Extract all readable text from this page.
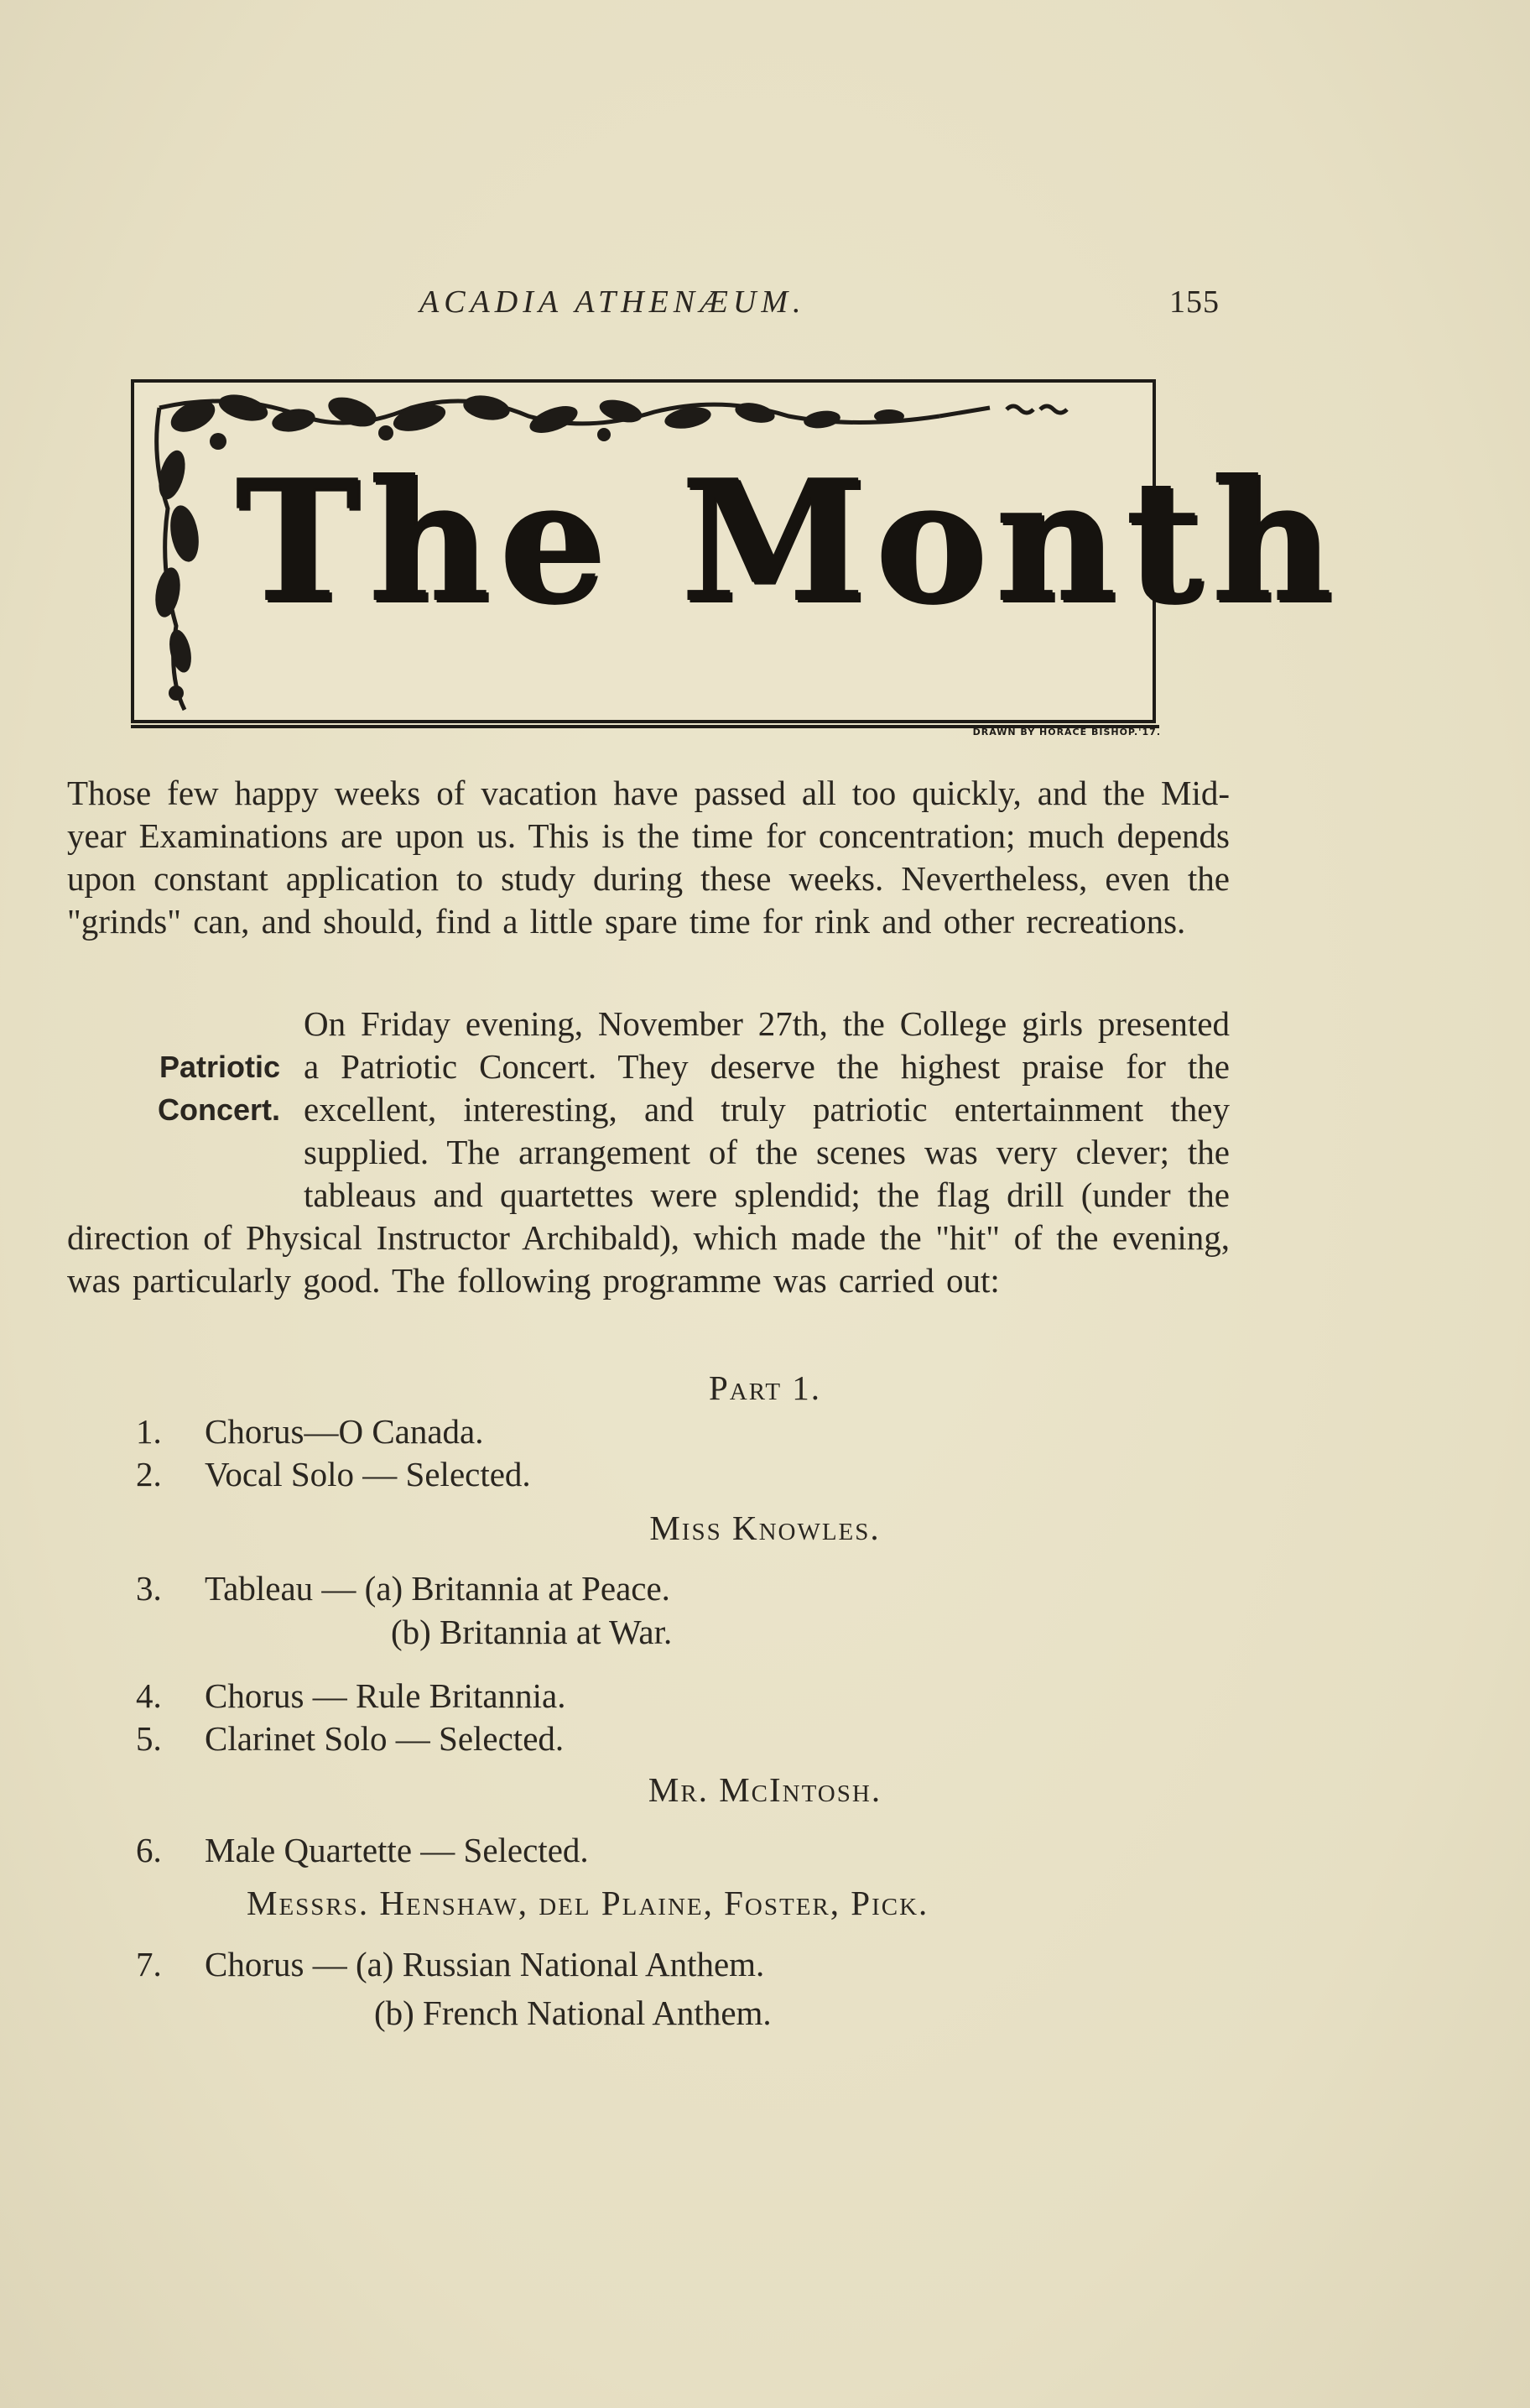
ACADIA ATHENÆUM.	155
The Month
DRAWN BY HORACE BISHOP.'17.

Those few happy weeks of vacation have passed all too quickly, and the Mid-year Examinations are upon us. This is the time for concentration; much depends upon constant application to study during these weeks. Nevertheless, even the "grinds" can, and should, find a little spare time for rink and other recreations.

Patriotic
Concert.
On Friday evening, November 27th, the College girls presented a Patriotic Concert. They deserve the highest praise for the excellent, interesting, and truly patriotic entertainment they supplied. The arrangement of the scenes was very clever; the tableaus and quartettes were splendid; the flag drill (under the direction of Physical Instructor Archibald), which made the "hit" of the evening, was particularly good. The following programme was carried out:
Part 1.
1. Chorus—O Canada.
2. Vocal Solo — Selected.
Miss Knowles.
3. Tableau — (a) Britannia at Peace.
(b) Britannia at War.
4. Chorus — Rule Britannia.
5. Clarinet Solo — Selected.
Mr. McIntosh.
6. Male Quartette — Selected.
Messrs. Henshaw, del Plaine, Foster, Pick.
7. Chorus — (a) Russian National Anthem.
(b) French National Anthem.
